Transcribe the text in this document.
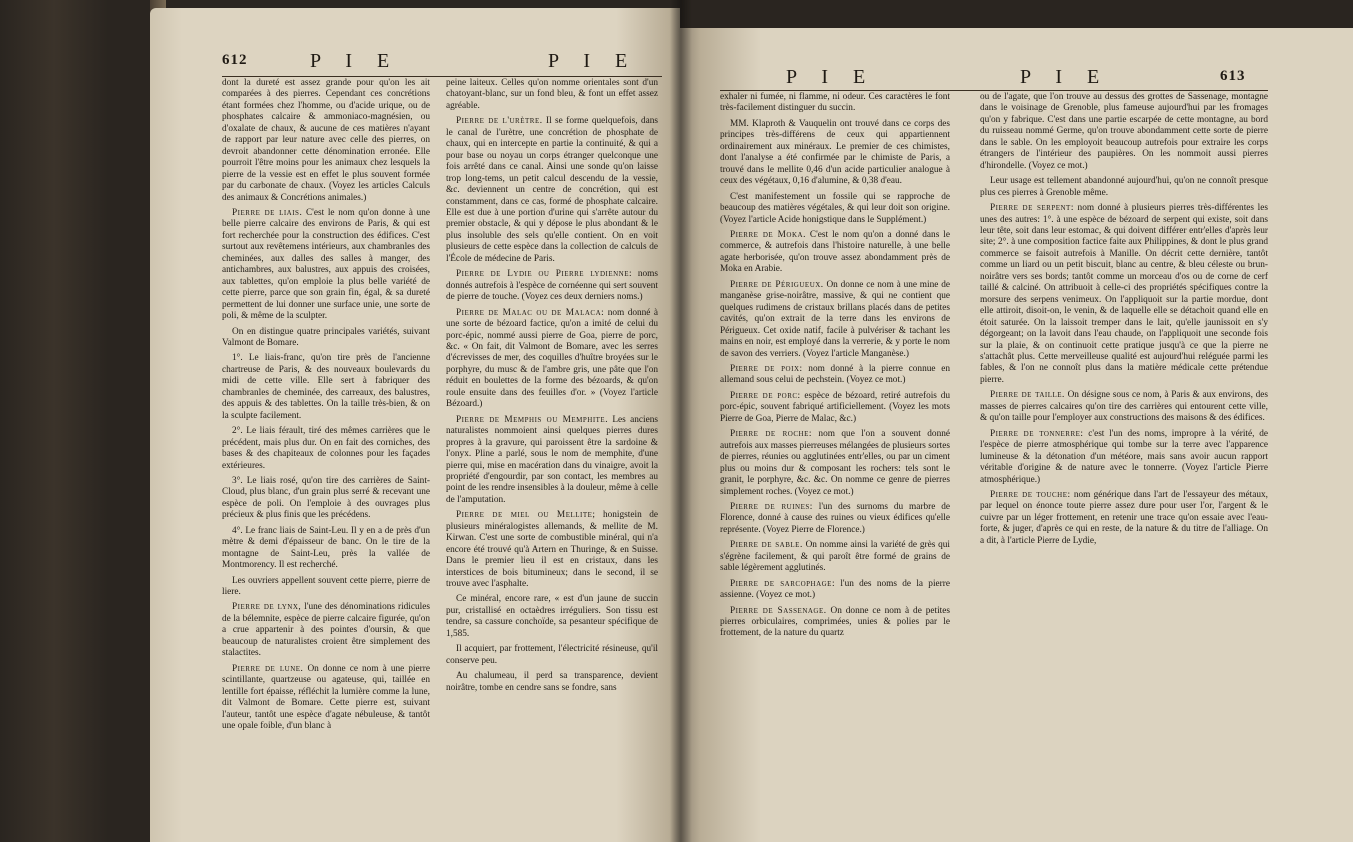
612	P I E	P I E

dont la dureté est assez grande pour qu'on les ait comparées à des pierres. Cependant ces concrétions étant formées chez l'homme, ou d'acide urique, ou de phosphates calcaire & ammoniaco-magnésien, ou d'oxalate de chaux, & aucune de ces matières n'ayant de rapport par leur nature avec celle des pierres, on devroit abandonner cette dénomination erronée. Elle pourroit l'être moins pour les animaux chez lesquels la pierre de la vessie est en effet le plus souvent formée par du carbonate de chaux. (Voyez les articles Calculs des animaux & Concrétions animales.)

Pierre de liais. C'est le nom qu'on donne à une belle pierre calcaire des environs de Paris, & qui est fort recherchée pour la construction des édifices. C'est surtout aux revêtemens intérieurs, aux chambranles des cheminées, aux dalles des salles à manger, des antichambres, aux balustres, aux appuis des croisées, aux tablettes, qu'on emploie la plus belle variété de cette pierre, parce que son grain fin, égal, & sa dureté permettent de lui donner une surface unie, une sorte de poli, & même de la sculpter.

On en distingue quatre principales variétés, suivant Valmont de Bomare.

1°. Le liais-franc, qu'on tire près de l'ancienne chartreuse de Paris, & des nouveaux boulevards du midi de cette ville. Elle sert à fabriquer des chambranles de cheminée, des carreaux, des balustres, des appuis & des tablettes. On la taille très-bien, & on la sculpte facilement.

2°. Le liais férault, tiré des mêmes carrières que le précédent, mais plus dur. On en fait des corniches, des bases & des chapiteaux de colonnes pour les façades extérieures.

3°. Le liais rosé, qu'on tire des carrières de Saint-Cloud, plus blanc, d'un grain plus serré & recevant une espèce de poli. On l'emploie à des ouvrages plus précieux & plus finis que les précédens.

4°. Le franc liais de Saint-Leu. Il y en a de près d'un mètre & demi d'épaisseur de banc. On le tire de la montagne de Saint-Leu, près la vallée de Montmorency. Il est recherché.

Les ouvriers appellent souvent cette pierre, pierre de liere.

Pierre de lynx, l'une des dénominations ridicules de la bélemnite, espèce de pierre calcaire figurée, qu'on a crue appartenir à des pointes d'oursin, & que beaucoup de naturalistes croient être simplement des stalactites.

Pierre de lune. On donne ce nom à une pierre scintillante, quartzeuse ou agateuse, qui, taillée en lentille fort épaisse, réfléchit la lumière comme la lune, dit Valmont de Bomare. Cette pierre est, suivant l'auteur, tantôt une espèce d'agate nébuleuse, & tantôt une opale foible, d'un blanc à

peine laiteux. Celles qu'on nomme orientales sont d'un chatoyant-blanc, sur un fond bleu, & font un effet assez agréable.

Pierre de l'urètre. Il se forme quelquefois, dans le canal de l'urètre, une concrétion de phosphate de chaux, qui en intercepte en partie la continuité, & qui a pour base ou noyau un corps étranger quelconque une fois arrêté dans ce canal. Ainsi une sonde qu'on laisse trop long-tems, un petit calcul descendu de la vessie, &c. deviennent un centre de concrétion, qui est constamment, dans ce cas, formé de phosphate calcaire. Elle est due à une portion d'urine qui s'arrête autour du premier obstacle, & qui y dépose le plus abondant & le plus insoluble des sels qu'elle contient. On en voit plusieurs de cette espèce dans la collection de calculs de l'École de médecine de Paris.

Pierre de Lydie ou Pierre lydienne: noms donnés autrefois à l'espèce de cornéenne qui sert souvent de pierre de touche. (Voyez ces deux derniers noms.)

Pierre de Malac ou de Malaca: nom donné à une sorte de bézoard factice, qu'on a imité de celui du porc-épic, nommé aussi pierre de Goa, pierre de porc, &c. « On fait, dit Valmont de Bomare, avec les serres d'écrevisses de mer, des coquilles d'huître broyées sur le porphyre, du musc & de l'ambre gris, une pâte que l'on réduit en boulettes de la forme des bézoards, & qu'on roule ensuite dans des feuilles d'or. » (Voyez l'article Bézoard.)

Pierre de Memphis ou Memphite. Les anciens naturalistes nommoient ainsi quelques pierres dures propres à la gravure, qui paroissent être la sardoine & l'onyx. Pline a parlé, sous le nom de memphite, d'une pierre qui, mise en macération dans du vinaigre, avoit la propriété d'engourdir, par son contact, les membres au point de les rendre insensibles à la douleur, même à celle de l'amputation.

Pierre de miel ou Mellite; honigstein de plusieurs minéralogistes allemands, & mellite de M. Kirwan. C'est une sorte de combustible minéral, qui n'a encore été trouvé qu'à Artern en Thuringe, & en Suisse. Dans le premier lieu il est en cristaux, dans les interstices de bois bitumineux; dans le second, il se trouve avec l'asphalte.

Ce minéral, encore rare, « est d'un jaune de succin pur, cristallisé en octaèdres irréguliers. Son tissu est tendre, sa cassure conchoïde, sa pesanteur spécifique de 1,585.

Il acquiert, par frottement, l'électricité résineuse, qu'il conserve peu.

Au chalumeau, il perd sa transparence, devient noirâtre, tombe en cendre sans se fondre, sans

P I E	P I E	613

exhaler ni fumée, ni flamme, ni odeur. Ces caractères le font très-facilement distinguer du succin.

MM. Klaproth & Vauquelin ont trouvé dans ce corps des principes très-différens de ceux qui appartiennent ordinairement aux minéraux. Le premier de ces chimistes, dont l'analyse a été confirmée par le chimiste de Paris, a trouvé dans le mellite 0,46 d'un acide particulier analogue à ceux des végétaux, 0,16 d'alumine, & 0,38 d'eau.

C'est manifestement un fossile qui se rapproche de beaucoup des matières végétales, & qui leur doit son origine. (Voyez l'article Acide honigstique dans le Supplément.)

Pierre de Moka. C'est le nom qu'on a donné dans le commerce, & autrefois dans l'histoire naturelle, à une belle agate herborisée, qu'on trouve assez abondamment près de Moka en Arabie.

Pierre de Périgueux. On donne ce nom à une mine de manganèse grise-noirâtre, massive, & qui ne contient que quelques rudimens de cristaux brillans placés dans de petites cavités, qu'on extrait de la terre dans les environs de Périgueux. Cet oxide natif, facile à pulvériser & tachant les mains en noir, est employé dans la verrerie, & y porte le nom de savon des verriers. (Voyez l'article Manganèse.)

Pierre de poix: nom donné à la pierre connue en allemand sous celui de pechstein. (Voyez ce mot.)

Pierre de porc: espèce de bézoard, retiré autrefois du porc-épic, souvent fabriqué artificiellement. (Voyez les mots Pierre de Goa, Pierre de Malac, &c.)

Pierre de roche: nom que l'on a souvent donné autrefois aux masses pierreuses mélangées de plusieurs sortes de pierres, réunies ou agglutinées entr'elles, ou par un ciment plus ou moins dur & composant les rochers: tels sont le granit, le porphyre, &c. &c. On nomme ce genre de pierres simplement roches. (Voyez ce mot.)

Pierre de ruines: l'un des surnoms du marbre de Florence, donné à cause des ruines ou vieux édifices qu'elle représente. (Voyez Pierre de Florence.)

Pierre de sable. On nomme ainsi la variété de grès qui s'égrène facilement, & qui paroît être formé de grains de sable légèrement agglutinés.

Pierre de sarcophage: l'un des noms de la pierre assienne. (Voyez ce mot.)

Pierre de Sassenage. On donne ce nom à de petites pierres orbiculaires, comprimées, unies & polies par le frottement, de la nature du quartz

ou de l'agate, que l'on trouve au dessus des grottes de Sassenage, montagne dans le voisinage de Grenoble, plus fameuse aujourd'hui par les fromages qu'on y fabrique. C'est dans une partie escarpée de cette montagne, au bord du ruisseau nommé Germe, qu'on trouve abondamment cette sorte de pierre dans le sable. On les employoit beaucoup autrefois pour extraire les corps étrangers de l'intérieur des paupières. On les nommoit aussi pierres d'hirondelle. (Voyez ce mot.)

Leur usage est tellement abandonné aujourd'hui, qu'on ne connoît presque plus ces pierres à Grenoble même.

Pierre de serpent: nom donné à plusieurs pierres très-différentes les unes des autres: 1°. à une espèce de bézoard de serpent qui existe, soit dans leur tête, soit dans leur estomac, & qui doivent différer entr'elles d'après leur site; 2°. à une composition factice faite aux Philippines, & dont le plus grand commerce se faisoit autrefois à Manille. On décrit cette dernière, tantôt comme un liard ou un petit biscuit, blanc au centre, & bleu céleste ou brun-noirâtre vers ses bords; tantôt comme un morceau d'os ou de corne de cerf taillé & calciné. On attribuoit à celle-ci des propriétés spécifiques contre la morsure des serpens venimeux. On l'appliquoit sur la partie mordue, dont elle attiroit, disoit-on, le venin, & de laquelle elle se détachoit quand elle en étoit saturée. On la laissoit tremper dans le lait, qu'elle jaunissoit en s'y dégorgeant; on la lavoit dans l'eau chaude, on l'appliquoit une seconde fois sur la plaie, & on continuoit cette pratique jusqu'à ce que la pierre ne s'attachât plus. Cette merveilleuse qualité est aujourd'hui reléguée parmi les fables, & l'on ne connoît plus dans la matière médicale cette prétendue pierre.

Pierre de taille. On désigne sous ce nom, à Paris & aux environs, des masses de pierres calcaires qu'on tire des carrières qui entourent cette ville, & qu'on taille pour l'employer aux constructions des maisons & des édifices.

Pierre de tonnerre: c'est l'un des noms, impropre à la vérité, de l'espèce de pierre atmosphérique qui tombe sur la terre avec l'apparence lumineuse & la détonation d'un météore, mais sans avoir aucun rapport véritable d'origine & de nature avec le tonnerre. (Voyez l'article Pierre atmosphérique.)

Pierre de touche: nom générique dans l'art de l'essayeur des métaux, par lequel on énonce toute pierre assez dure pour user l'or, l'argent & le cuivre par un léger frottement, en retenir une trace qu'on essaie avec l'eau-forte, & juger, d'après ce qui en reste, de la nature & du titre de l'alliage. On a dit, à l'article Pierre de Lydie,
